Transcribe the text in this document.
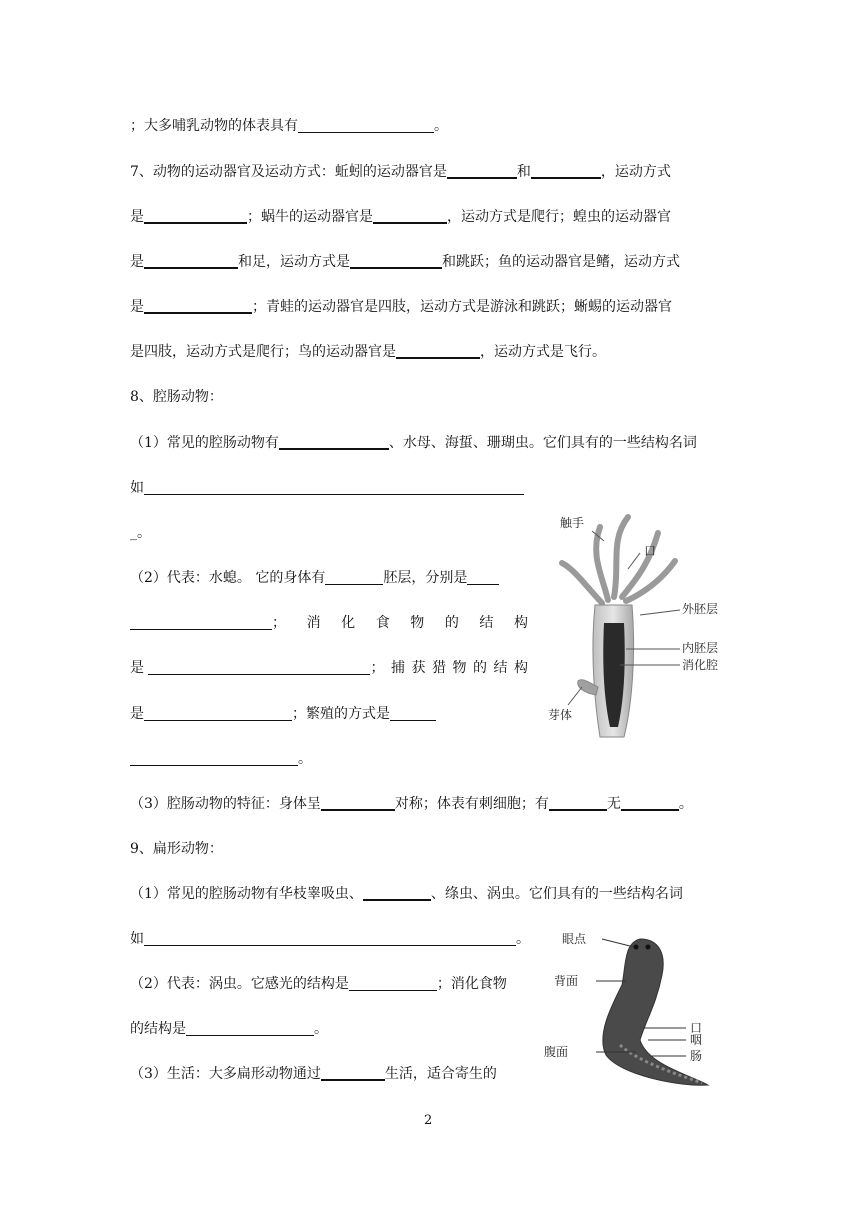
；大多哺乳动物的体表具有	。
7、动物的运动器官及运动方式：蚯蚓的运动器官是	和	，运动方式
是	；蜗牛的运动器官是	，运动方式是爬行；蝗虫的运动器官
是	和足，运动方式是	和跳跃；鱼的运动器官是鳍，运动方式
是	；青蛙的运动器官是四肢，运动方式是游泳和跳跃；蜥蜴的运动器官
是四肢，运动方式是爬行；鸟的运动器官是	，运动方式是飞行。
8、腔肠动物：
（1）常见的腔肠动物有	、水母、海蜇、珊瑚虫。它们具有的一些结构名词
如
_。
（2）代表：水螅。 它的身体有	胚层，分别是
； 消 化 食 物 的 结 构
是	； 捕 获 猎 物 的 结 构
是	；繁殖的方式是
。
（3）腔肠动物的特征：身体呈	对称；体表有刺细胞；有	无	。
9、扁形动物：
（1）常见的腔肠动物有华枝睾吸虫、	、绦虫、涡虫。它们具有的一些结构名词
如	。
（2）代表：涡虫。它感光的结构是	；消化食物
的结构是	。
（3）生活：大多扁形动物通过	生活，适合寄生的
触手
口
外胚层
内胚层
消化腔
芽体
眼点
背面
口
咽
腹面	肠
2
